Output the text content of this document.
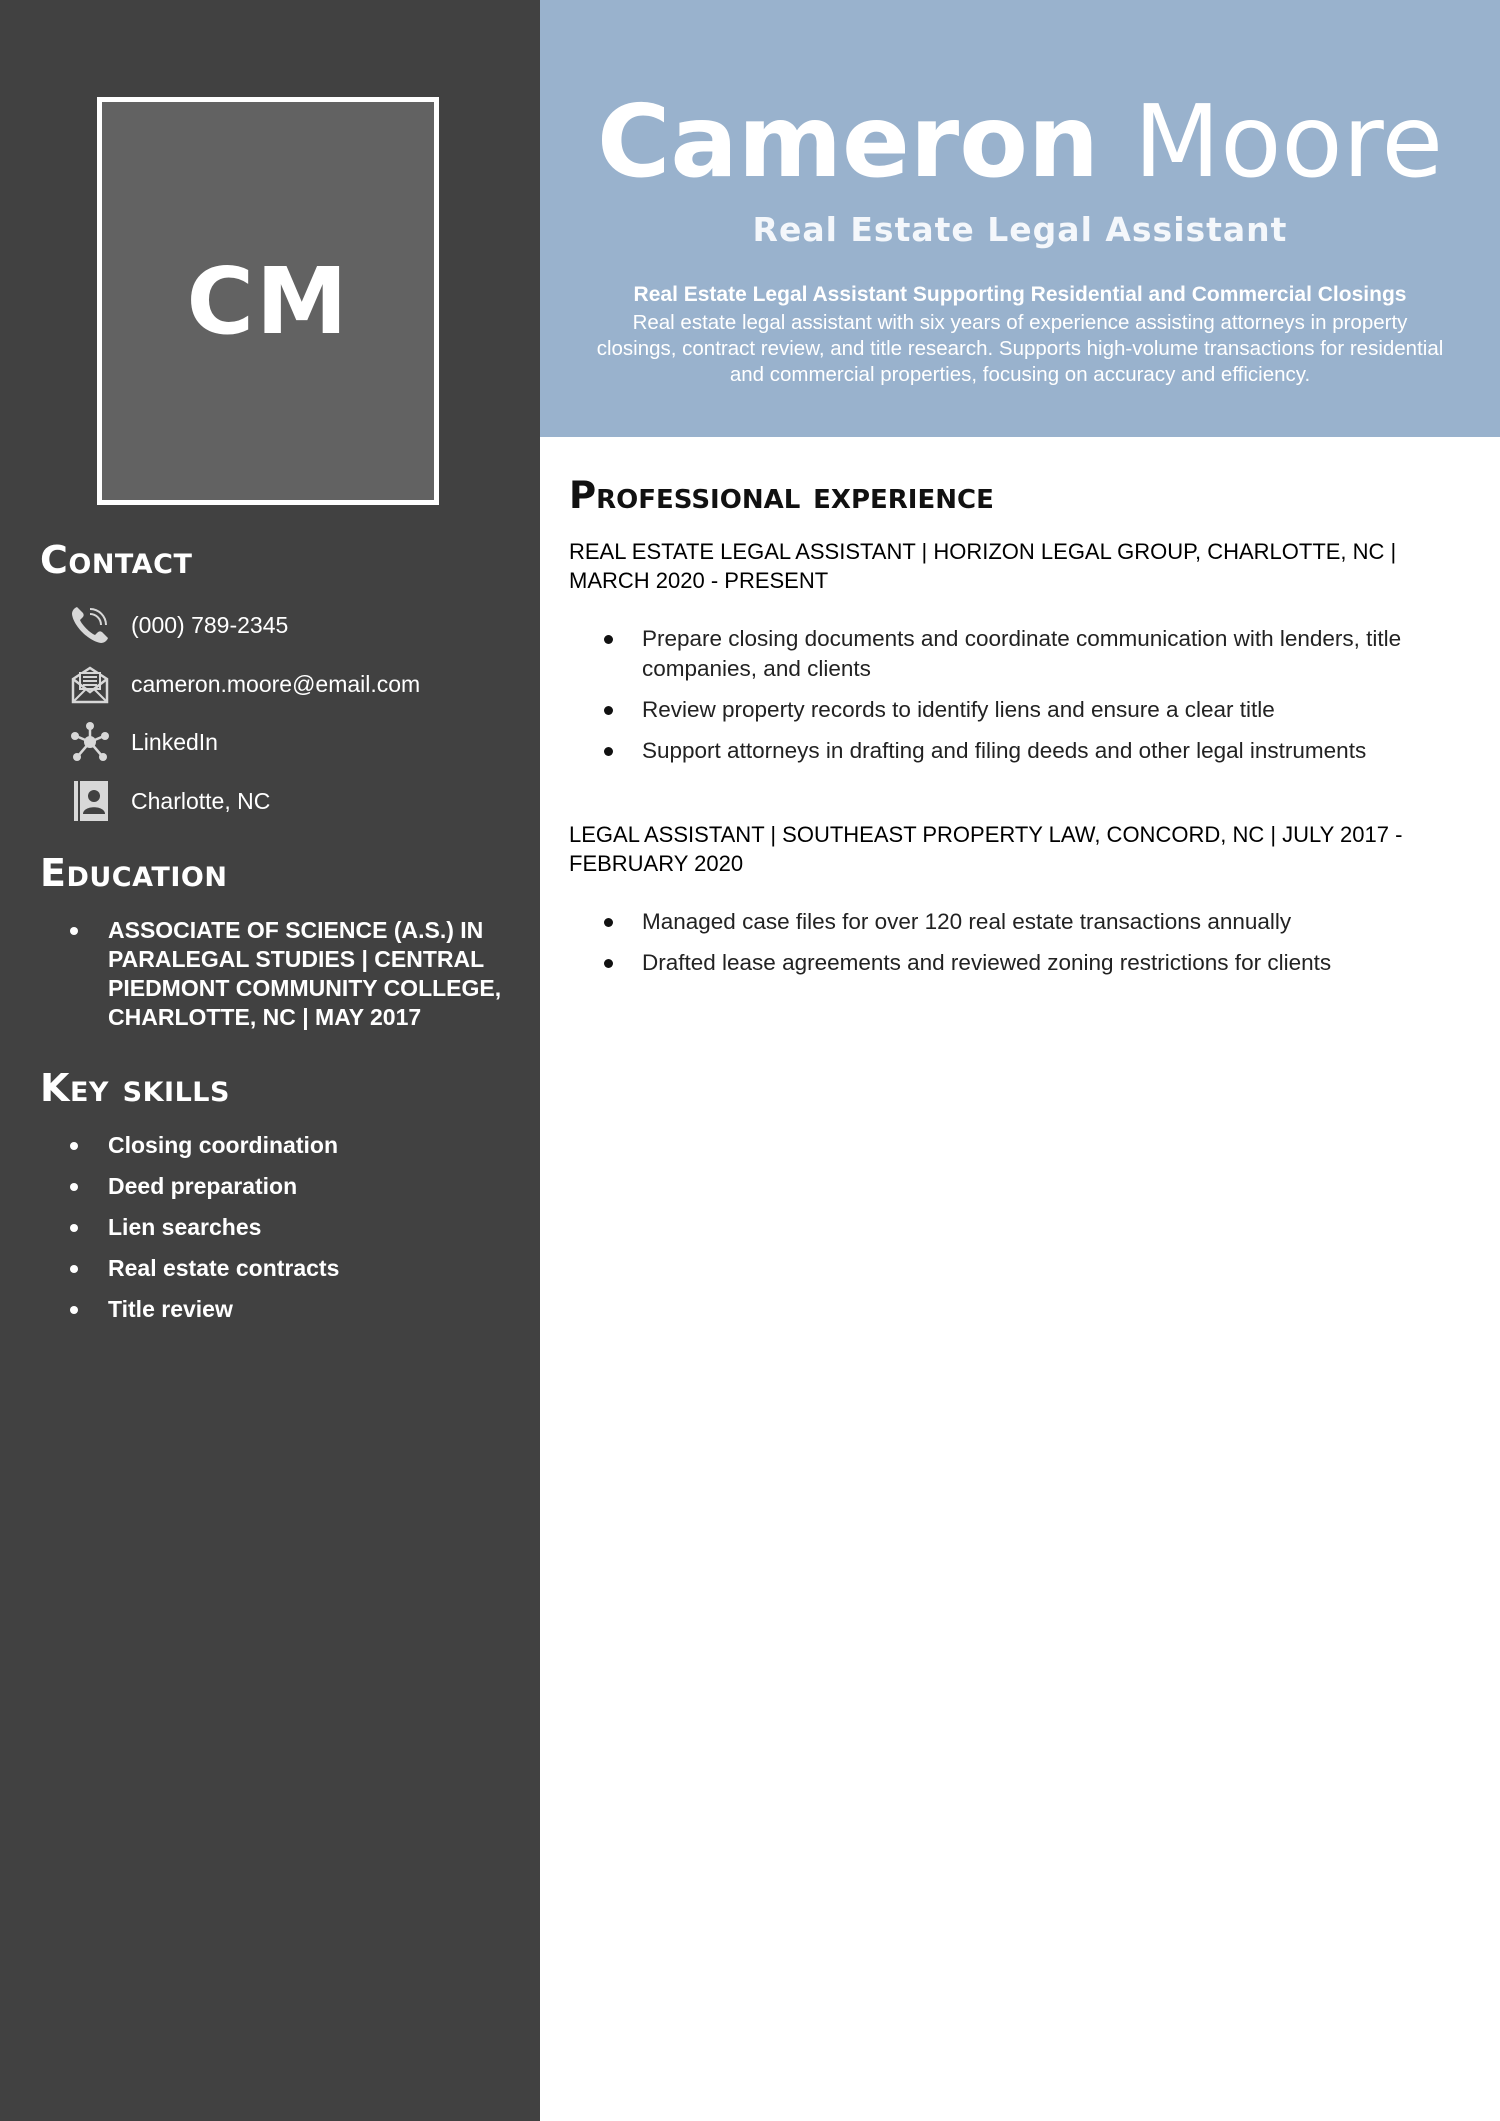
CM
Contact
(000) 789-2345
cameron.moore@email.com
LinkedIn
Charlotte, NC
Education
ASSOCIATE OF SCIENCE (A.S.) IN PARALEGAL STUDIES | CENTRAL PIEDMONT COMMUNITY COLLEGE, CHARLOTTE, NC | MAY 2017
Key skills
Closing coordination
Deed preparation
Lien searches
Real estate contracts
Title review
Cameron Moore

Real Estate Legal Assistant

Real Estate Legal Assistant Supporting Residential and Commercial Closings

Real estate legal assistant with six years of experience assisting attorneys in property closings, contract review, and title research. Supports high-volume transactions for residential and commercial properties, focusing on accuracy and efficiency.

Professional experience

REAL ESTATE LEGAL ASSISTANT | HORIZON LEGAL GROUP, CHARLOTTE, NC | MARCH 2020 - PRESENT

Prepare closing documents and coordinate communication with lenders, title companies, and clients
Review property records to identify liens and ensure a clear title
Support attorneys in drafting and filing deeds and other legal instruments

LEGAL ASSISTANT | SOUTHEAST PROPERTY LAW, CONCORD, NC | JULY 2017 - FEBRUARY 2020

Managed case files for over 120 real estate transactions annually
Drafted lease agreements and reviewed zoning restrictions for clients
